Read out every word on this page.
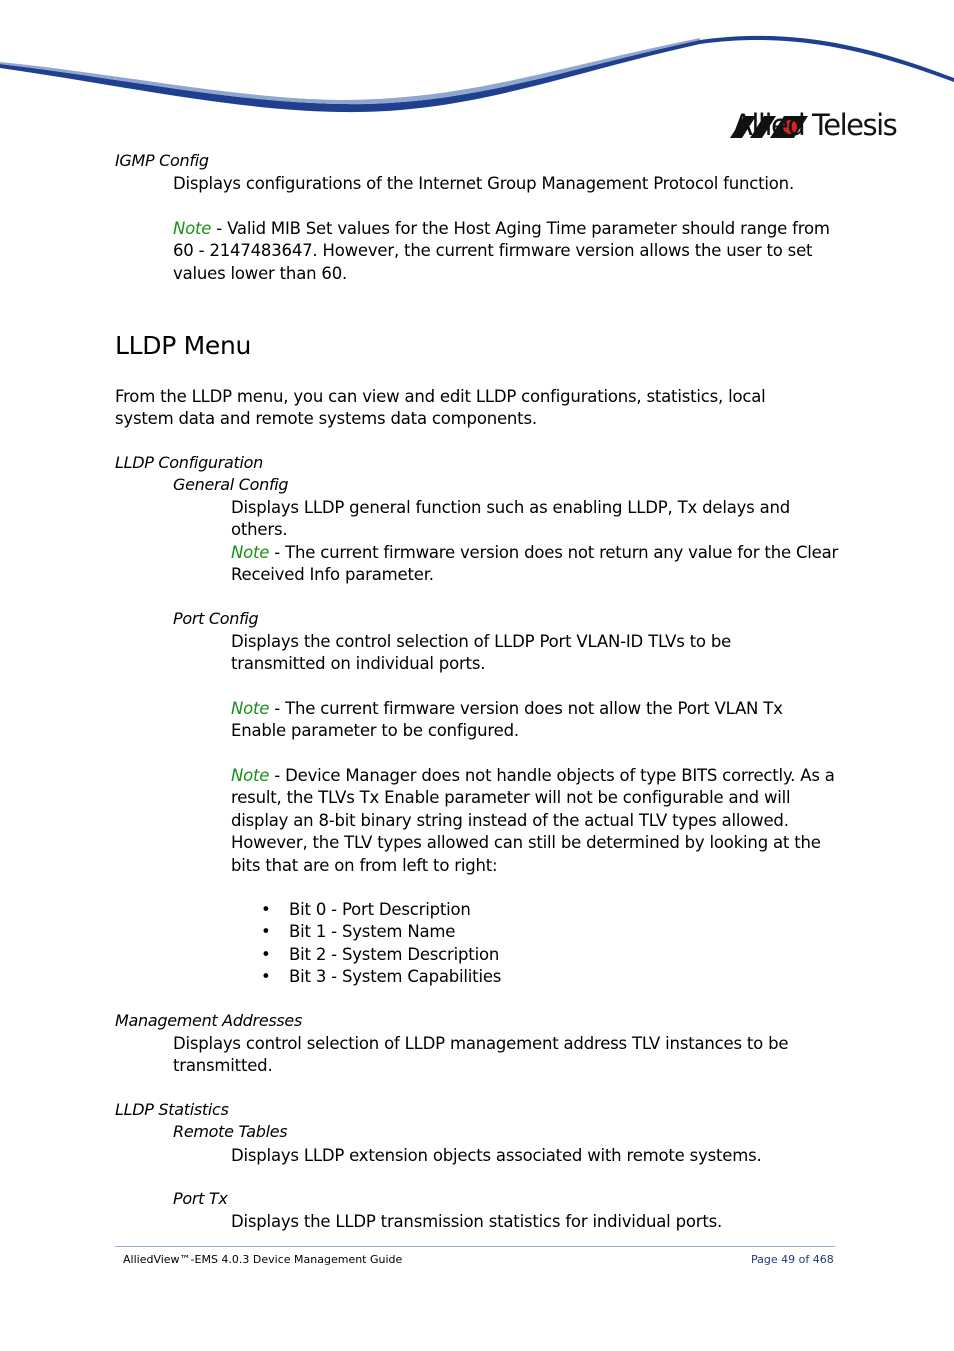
Allied Telesis
IGMP Config
Displays configurations of the Internet Group Management Protocol function.
Note - Valid MIB Set values for the Host Aging Time parameter should range from 60 - 2147483647. However, the current firmware version allows the user to set values lower than 60.
LLDP Menu
From the LLDP menu, you can view and edit LLDP configurations, statistics, local system data and remote systems data components.
LLDP Configuration
General Config
Displays LLDP general function such as enabling LLDP, Tx delays and others.
Note - The current firmware version does not return any value for the Clear Received Info parameter.
Port Config
Displays the control selection of LLDP Port VLAN-ID TLVs to be transmitted on individual ports.
Note - The current firmware version does not allow the Port VLAN Tx Enable parameter to be configured.
Note - Device Manager does not handle objects of type BITS correctly. As a result, the TLVs Tx Enable parameter will not be configurable and will display an 8-bit binary string instead of the actual TLV types allowed. However, the TLV types allowed can still be determined by looking at the bits that are on from left to right:
• Bit 0 - Port Description
• Bit 1 - System Name
• Bit 2 - System Description
• Bit 3 - System Capabilities
Management Addresses
Displays control selection of LLDP management address TLV instances to be transmitted.
LLDP Statistics
Remote Tables
Displays LLDP extension objects associated with remote systems.
Port Tx
Displays the LLDP transmission statistics for individual ports.
AlliedView™-EMS 4.0.3 Device Management Guide	Page 49 of 468
